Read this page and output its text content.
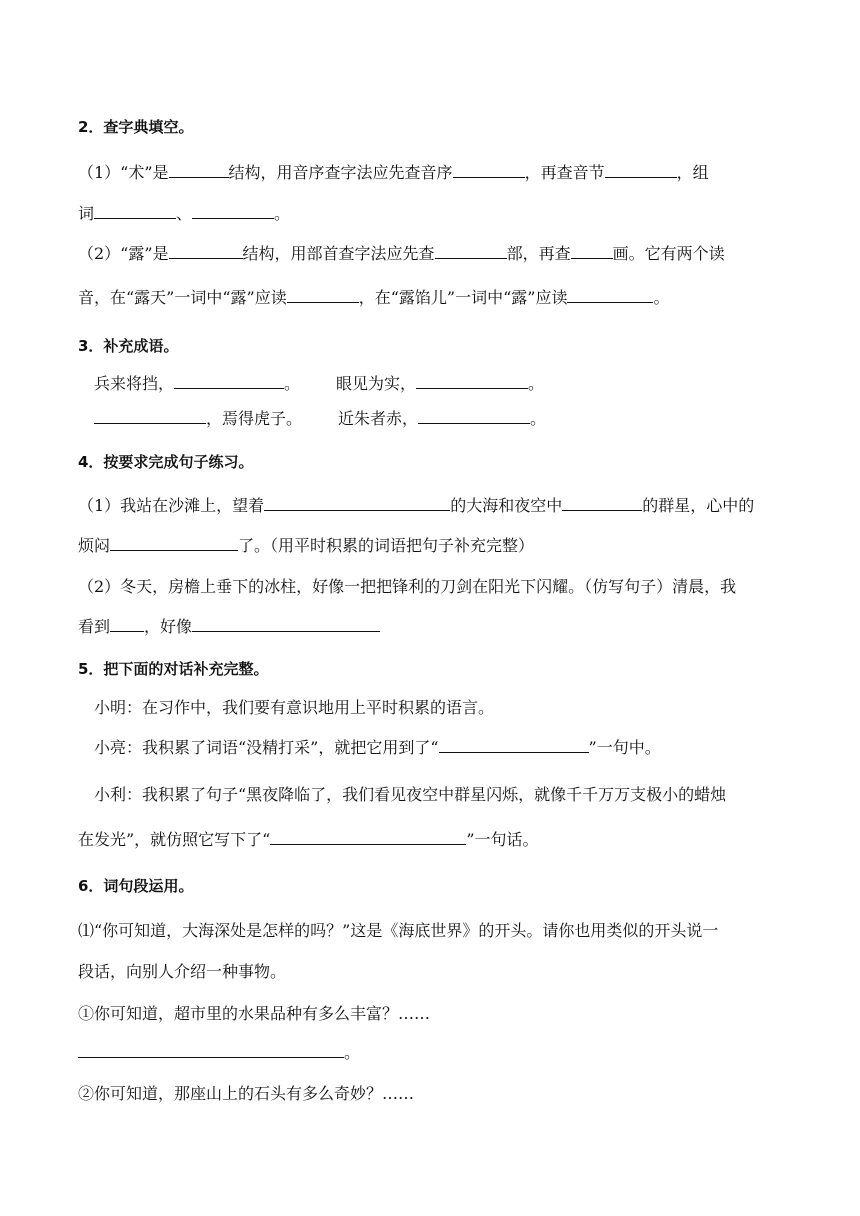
2．查字典填空。
（1）“术”是	结构，用音序查字法应先查音序	，再查音节	，组
词	、	。
（2）“露”是	结构，用部首查字法应先查	部，再查	画。它有两个读
音，在“露天”一词中“露”应读	，在“露馅儿”一词中“露”应读	。
3．补充成语。
兵来将挡，	。 眼见为实，	。
，焉得虎子。 近朱者赤，	。
4．按要求完成句子练习。
（1）我站在沙滩上，望着	的大海和夜空中	的群星，心中的
烦闷	了。（用平时积累的词语把句子补充完整）
（2）冬天，房檐上垂下的冰柱，好像一把把锋利的刀剑在阳光下闪耀。（仿写句子）清晨，我
看到 ，好像
5．把下面的对话补充完整。
小明：在习作中，我们要有意识地用上平时积累的语言。
小亮：我积累了词语“没精打采”，就把它用到了“	”一句中。
小利：我积累了句子“黑夜降临了，我们看见夜空中群星闪烁，就像千千万万支极小的蜡烛
在发光”，就仿照它写下了“	”一句话。
6．词句段运用。
⑴“你可知道，大海深处是怎样的吗？”这是《海底世界》的开头。请你也用类似的开头说一
段话，向别人介绍一种事物。
①你可知道，超市里的水果品种有多么丰富？……
。
②你可知道，那座山上的石头有多么奇妙？……
